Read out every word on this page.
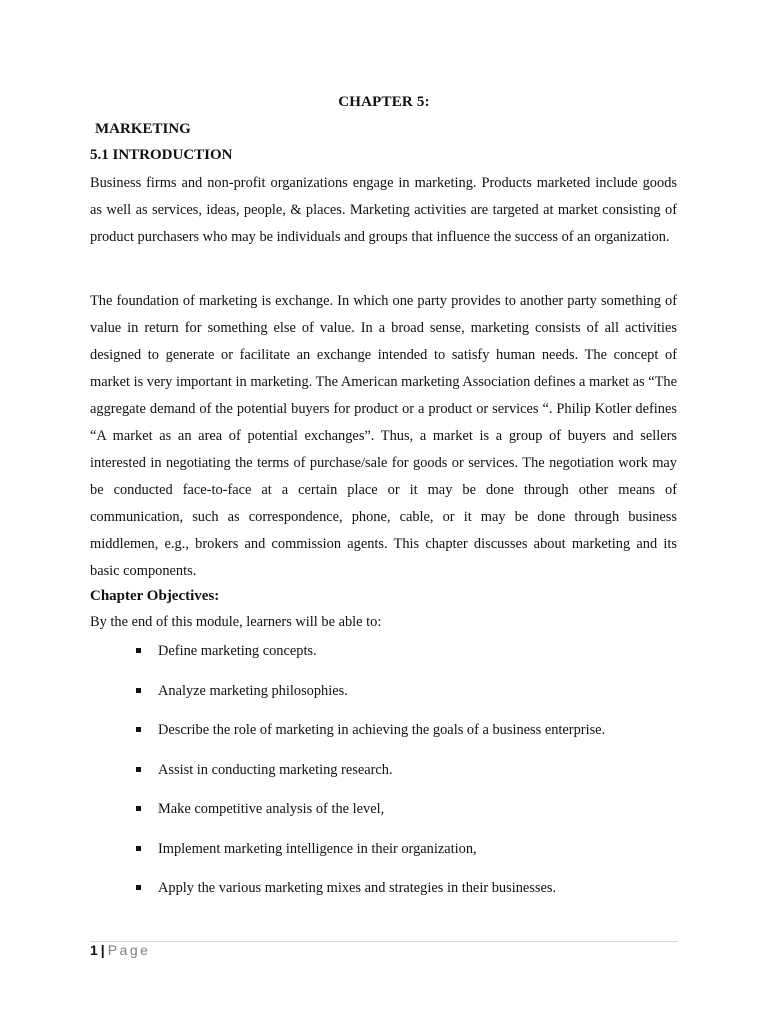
CHAPTER 5:
MARKETING
5.1 INTRODUCTION

Business firms and non-profit organizations engage in marketing. Products marketed include goods as well as services, ideas, people, & places. Marketing activities are targeted at market consisting of product purchasers who may be individuals and groups that influence the success of an organization.

The foundation of marketing is exchange. In which one party provides to another party something of value in return for something else of value. In a broad sense, marketing consists of all activities designed to generate or facilitate an exchange intended to satisfy human needs. The concept of market is very important in marketing. The American marketing Association defines a market as “The aggregate demand of the potential buyers for product or a product or services “. Philip Kotler defines “A market as an area of potential exchanges”. Thus, a market is a group of buyers and sellers interested in negotiating the terms of purchase/sale for goods or services. The negotiation work may be conducted face-to-face at a certain place or it may be done through other means of communication, such as correspondence, phone, cable, or it may be done through business middlemen, e.g., brokers and commission agents. This chapter discusses about marketing and its basic components.

Chapter Objectives:
By the end of this module, learners will be able to:
Define marketing concepts.
Analyze marketing philosophies.
Describe the role of marketing in achieving the goals of a business enterprise.
Assist in conducting marketing research.
Make competitive analysis of the level,
Implement marketing intelligence in their organization,
Apply the various marketing mixes and strategies in their businesses.
1 | Page
